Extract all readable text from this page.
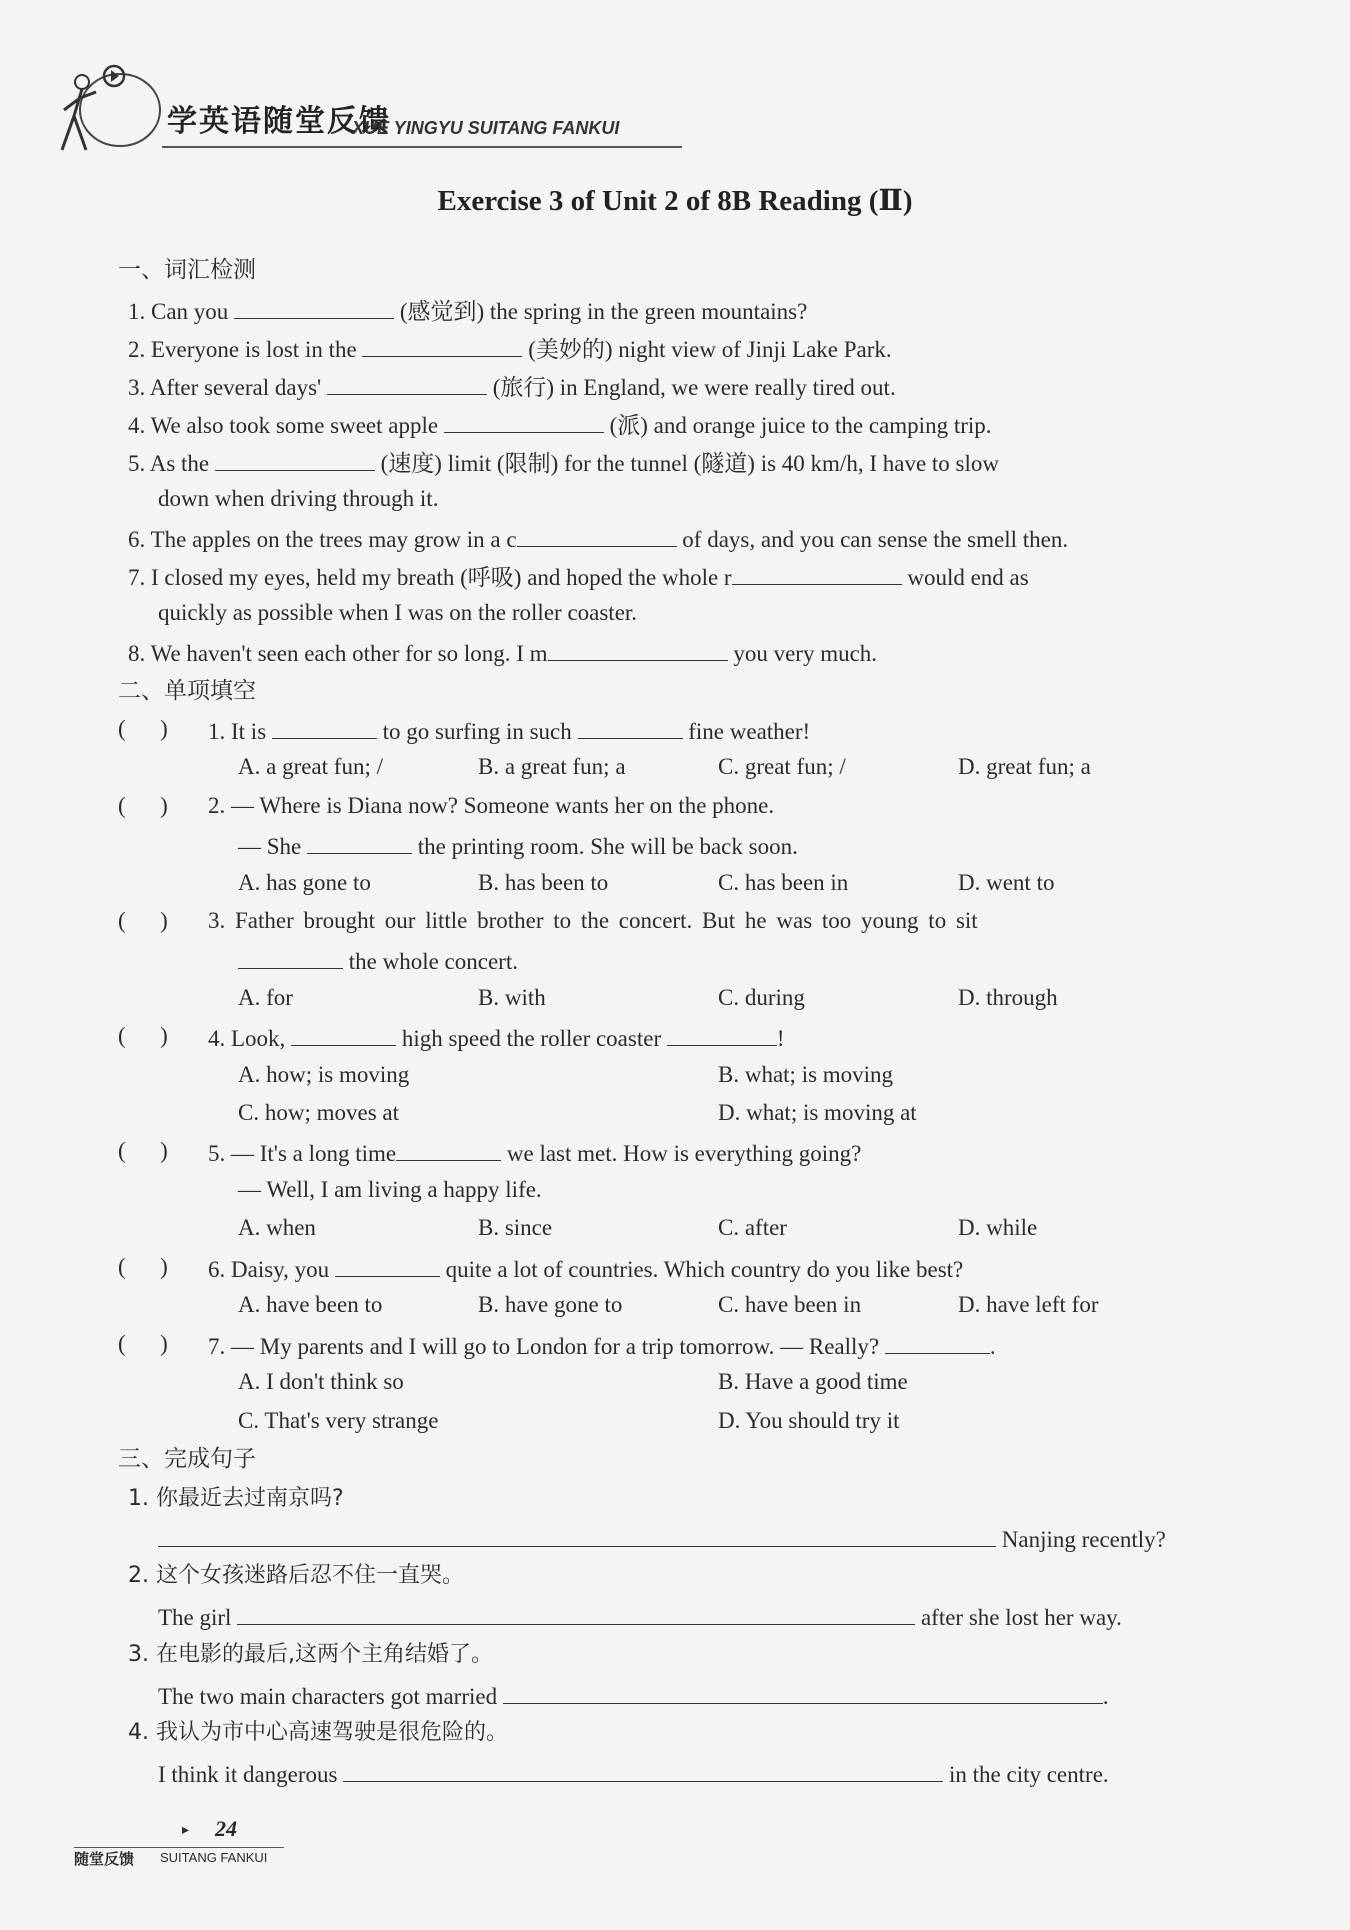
学英语随堂反馈
XUE YINGYU SUITANG FANKUI
Exercise 3 of Unit 2 of 8B Reading (Ⅱ)
一、词汇检测
1. Can you	(感觉到) the spring in the green mountains?
2. Everyone is lost in the	(美妙的) night view of Jinji Lake Park.
3. After several days'	(旅行) in England, we were really tired out.
4. We also took some sweet apple	(派) and orange juice to the camping trip.
5. As the	(速度) limit (限制) for the tunnel (隧道) is 40 km/h, I have to slow
down when driving through it.
6. The apples on the trees may grow in a c	of days, and you can sense the smell then.
7. I closed my eyes, held my breath (呼吸) and hoped the whole r	would end as
quickly as possible when I was on the roller coaster.
8. We haven't seen each other for so long. I m	you very much.
二、单项填空
(      ) 1. It is	to go surfing in such	fine weather!
A. a great fun; /	B. a great fun; a	C. great fun; /	D. great fun; a
(      ) 2. — Where is Diana now? Someone wants her on the phone.
— She	the printing room. She will be back soon.
A. has gone to	B. has been to	C. has been in	D. went to
(      ) 3. Father brought our little brother to the concert. But he was too young to sit
the whole concert.
A. for	B. with	C. during	D. through
(      ) 4. Look,	high speed the roller coaster	!
A. how; is moving	B. what; is moving
C. how; moves at	D. what; is moving at
(      ) 5. — It's a long time	we last met. How is everything going?
— Well, I am living a happy life.
A. when	B. since	C. after	D. while
(      ) 6. Daisy, you	quite a lot of countries. Which country do you like best?
A. have been to	B. have gone to	C. have been in	D. have left for
(      ) 7. — My parents and I will go to London for a trip tomorrow. — Really?	.
A. I don't think so	B. Have a good time
C. That's very strange	D. You should try it
三、完成句子
1. 你最近去过南京吗?
Nanjing recently?
2. 这个女孩迷路后忍不住一直哭。
The girl	after she lost her way.
3. 在电影的最后,这两个主角结婚了。
The two main characters got married	.
4. 我认为市中心高速驾驶是很危险的。
I think it dangerous	in the city centre.
▸ 24
随堂反馈 SUITANG FANKUI
